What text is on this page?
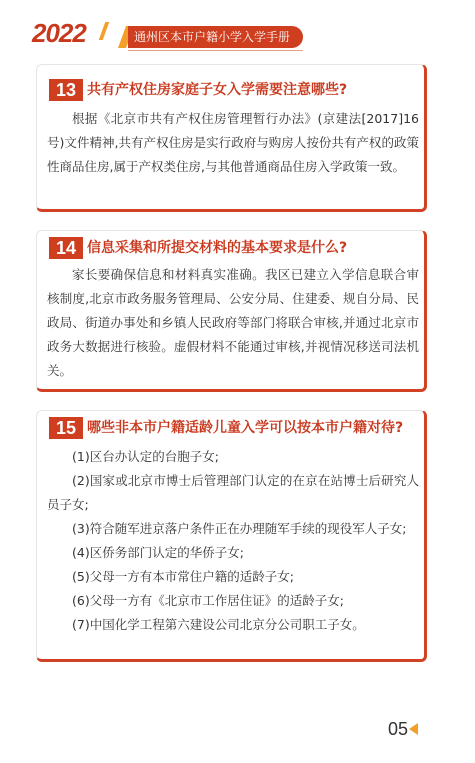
2022	通州区本市户籍小学入学手册
13 共有产权住房家庭子女入学需要注意哪些?

根据《北京市共有产权住房管理暂行办法》(京建法[2017]16号)文件精神,共有产权住房是实行政府与购房人按份共有产权的政策性商品住房,属于产权类住房,与其他普通商品住房入学政策一致。

14 信息采集和所提交材料的基本要求是什么?

家长要确保信息和材料真实准确。我区已建立入学信息联合审核制度,北京市政务服务管理局、公安分局、住建委、规自分局、民政局、街道办事处和乡镇人民政府等部门将联合审核,并通过北京市政务大数据进行核验。虚假材料不能通过审核,并视情况移送司法机关。

15 哪些非本市户籍适龄儿童入学可以按本市户籍对待?

(1)区台办认定的台胞子女;

(2)国家或北京市博士后管理部门认定的在京在站博士后研究人员子女;

(3)符合随军进京落户条件正在办理随军手续的现役军人子女;

(4)区侨务部门认定的华侨子女;

(5)父母一方有本市常住户籍的适龄子女;

(6)父母一方有《北京市工作居住证》的适龄子女;

(7)中国化学工程第六建设公司北京分公司职工子女。

05
